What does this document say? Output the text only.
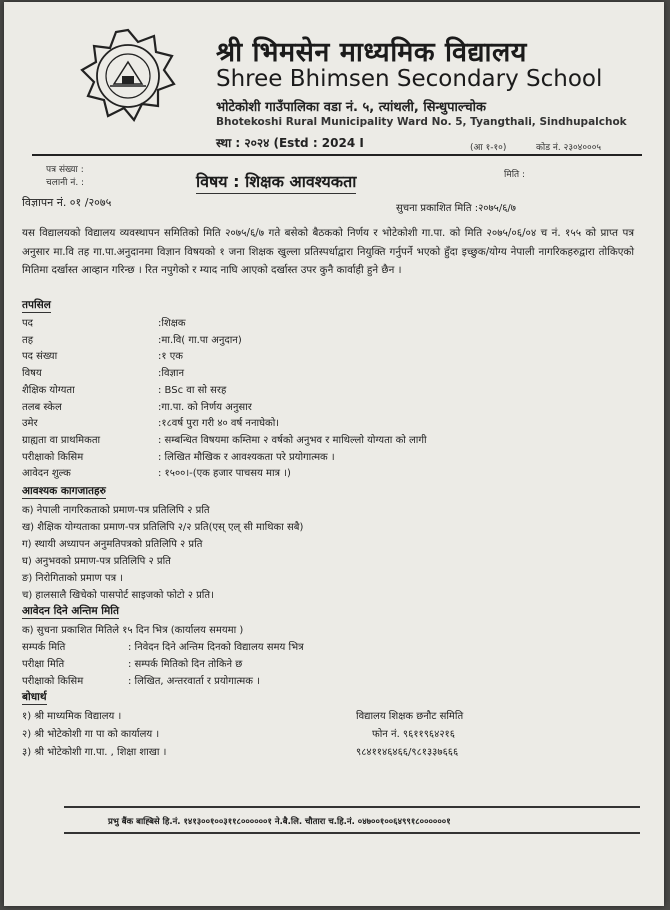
श्री भिमसेन माध्यमिक विद्यालय
Shree Bhimsen Secondary School
भोटेकोशी गाउँपालिका वडा नं. ५, त्यांथली, सिन्धुपाल्चोक
Bhotekoshi Rural Municipality Ward No. 5, Tyangthali, Sindhupalchok
स्था : २०२४ (Estd : 2024 I	(आ १-१०)	कोड नं. २३०४०००५
पत्र संख्या :
चलानी नं. :
मिति :
विषय : शिक्षक आवश्यकता
विज्ञापन नं. ०१ /२०७५	सुचना प्रकाशित मिति :२०७५/६/७
यस विद्यालयको विद्यालय व्यवस्थापन समितिको मिति २०७५/६/७ गते बसेको बैठकको निर्णय र भोटेकोशी गा.पा. को मिति २०७५/०६/०४ च नं. १५५ को प्राप्त पत्र अनुसार मा.वि तह गा.पा.अनुदानमा विज्ञान विषयको १ जना शिक्षक खुल्ला प्रतिस्पर्धाद्वारा नियुक्ति गर्नुपर्ने भएको हुँदा इच्छुक/योग्य नेपाली नागरिकहरुद्वारा तोकिएको मितिमा दर्खास्त आव्हान गरिन्छ । रित नपुगेको र म्याद नाघि आएको दर्खास्त उपर कुनै कार्वाही हुने छैन ।
तपसिल
पद	:शिक्षक
तह	:मा.वि( गा.पा अनुदान)
पद संख्या	:१ एक
विषय	:विज्ञान
शैक्षिक योग्यता	: BSc वा सो सरह
तलब स्केल	:गा.पा. को निर्णय अनुसार
उमेर	:१८वर्ष पुरा गरी ४० वर्ष ननाघेको।
ग्राह्यता वा प्राथमिकता	: सम्बन्धित विषयमा कम्तिमा २ वर्षको अनुभव र माथिल्लो योग्यता को लागी
परीक्षाको किसिम	: लिखित मौखिक र आवश्यकता परे प्रयोगात्मक ।
आवेदन शुल्क	: १५००।-(एक हजार पाचसय मात्र ।)
आवश्यक कागजातहरु
क) नेपाली नागरिकताको प्रमाण-पत्र प्रतिलिपि २ प्रति
ख) शैक्षिक योग्यताका प्रमाण-पत्र प्रतिलिपि २/२ प्रति(एस् एल् सी माथिका सबै)
ग) स्थायी अध्यापन अनुमतिपत्रको प्रतिलिपि २ प्रति
घ) अनुभवको प्रमाण-पत्र प्रतिलिपि २ प्रति
ङ) निरोगिताको प्रमाण पत्र ।
च) हालसालै खिचेको पासपोर्ट साइजको फोटो २ प्रति।
आवेदन दिने अन्तिम मिति
क) सुचना प्रकाशित मितिले १५ दिन भित्र (कार्यालय समयमा )
सम्पर्क मिति	: निवेदन दिने अन्तिम दिनको विद्यालय समय भित्र
परीक्षा मिति	: सम्पर्क मितिको दिन तोकिने छ
परीक्षाको किसिम	: लिखित, अन्तरवार्ता र प्रयोगात्मक ।
बोधार्थ
१) श्री माध्यमिक विद्यालय ।
२) श्री भोटेकोशी गा पा को कार्यालय ।
३) श्री भोटेकोशी गा.पा. , शिक्षा शाखा ।
विद्यालय शिक्षक छनौट समिति
फोन नं. ९६११९६४२१६
९८४११४६४६६/९८१३३७६६६
प्रभु बैंक बाह्बिसे हि.नं. १४१३००१००३११८००००००१ ने.बै.लि. चौतारा च.हि.नं. ०४७००१००६४९९१८००००००१
